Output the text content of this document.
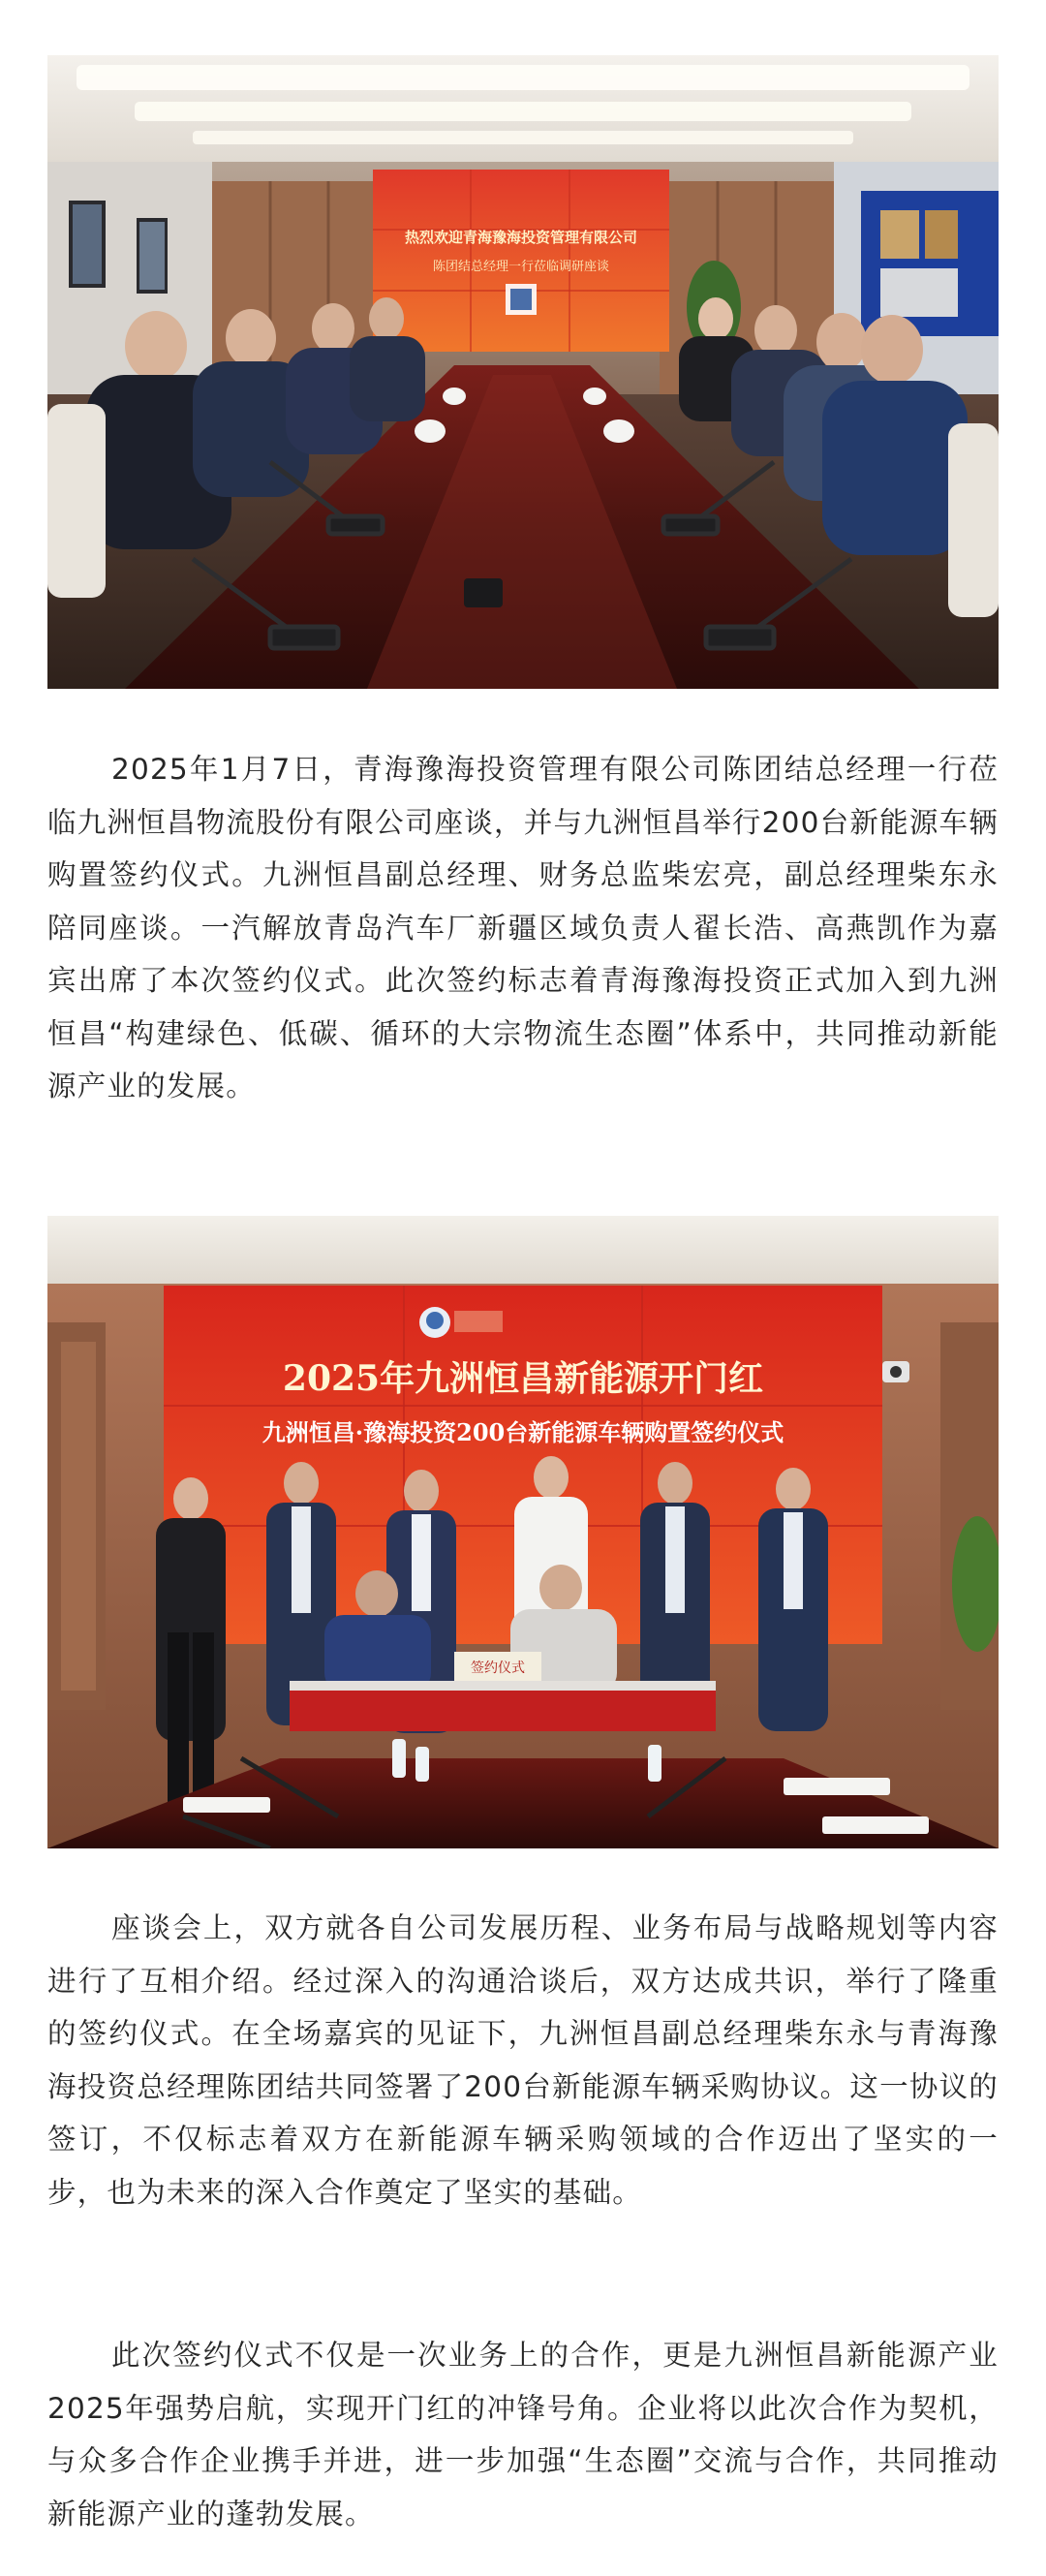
热烈欢迎青海豫海投资管理有限公司
陈团结总经理一行莅临调研座谈

2025年1月7日，青海豫海投资管理有限公司陈团结总经理一行莅临九洲恒昌物流股份有限公司座谈，并与九洲恒昌举行200台新能源车辆购置签约仪式。九洲恒昌副总经理、财务总监柴宏亮，副总经理柴东永陪同座谈。一汽解放青岛汽车厂新疆区域负责人翟长浩、高燕凯作为嘉宾出席了本次签约仪式。此次签约标志着青海豫海投资正式加入到九洲恒昌“构建绿色、低碳、循环的大宗物流生态圈”体系中，共同推动新能源产业的发展。

2025年九洲恒昌新能源开门红
九洲恒昌·豫海投资200台新能源车辆购置签约仪式
签约仪式

座谈会上，双方就各自公司发展历程、业务布局与战略规划等内容进行了互相介绍。经过深入的沟通洽谈后，双方达成共识，举行了隆重的签约仪式。在全场嘉宾的见证下，九洲恒昌副总经理柴东永与青海豫海投资总经理陈团结共同签署了200台新能源车辆采购协议。这一协议的签订，不仅标志着双方在新能源车辆采购领域的合作迈出了坚实的一步，也为未来的深入合作奠定了坚实的基础。

此次签约仪式不仅是一次业务上的合作，更是九洲恒昌新能源产业2025年强势启航，实现开门红的冲锋号角。企业将以此次合作为契机，与众多合作企业携手并进，进一步加强“生态圈”交流与合作，共同推动新能源产业的蓬勃发展。
